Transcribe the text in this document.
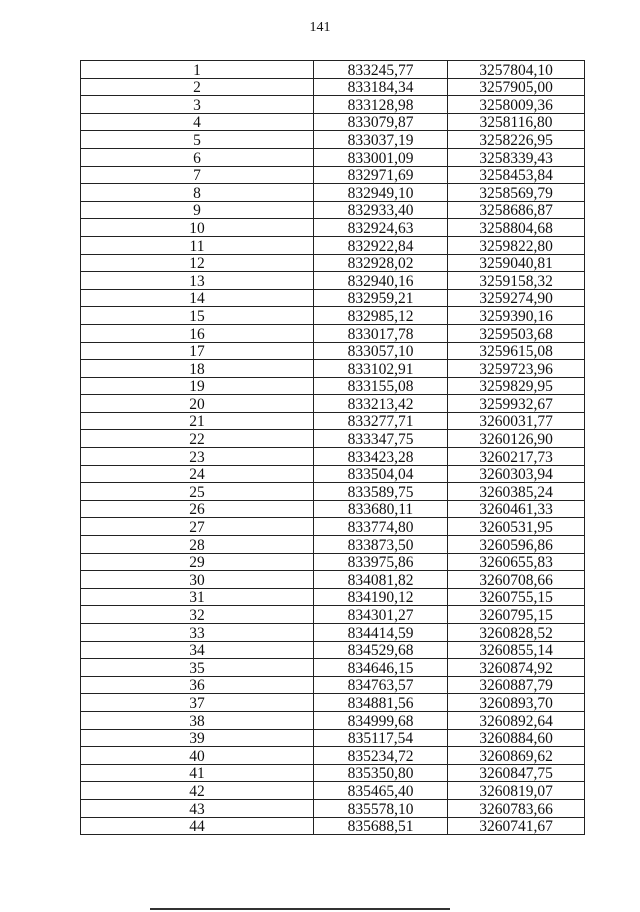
141
1	833245,77	3257804,10
2	833184,34	3257905,00
3	833128,98	3258009,36
4	833079,87	3258116,80
5	833037,19	3258226,95
6	833001,09	3258339,43
7	832971,69	3258453,84
8	832949,10	3258569,79
9	832933,40	3258686,87
10	832924,63	3258804,68
11	832922,84	3259822,80
12	832928,02	3259040,81
13	832940,16	3259158,32
14	832959,21	3259274,90
15	832985,12	3259390,16
16	833017,78	3259503,68
17	833057,10	3259615,08
18	833102,91	3259723,96
19	833155,08	3259829,95
20	833213,42	3259932,67
21	833277,71	3260031,77
22	833347,75	3260126,90
23	833423,28	3260217,73
24	833504,04	3260303,94
25	833589,75	3260385,24
26	833680,11	3260461,33
27	833774,80	3260531,95
28	833873,50	3260596,86
29	833975,86	3260655,83
30	834081,82	3260708,66
31	834190,12	3260755,15
32	834301,27	3260795,15
33	834414,59	3260828,52
34	834529,68	3260855,14
35	834646,15	3260874,92
36	834763,57	3260887,79
37	834881,56	3260893,70
38	834999,68	3260892,64
39	835117,54	3260884,60
40	835234,72	3260869,62
41	835350,80	3260847,75
42	835465,40	3260819,07
43	835578,10	3260783,66
44	835688,51	3260741,67
